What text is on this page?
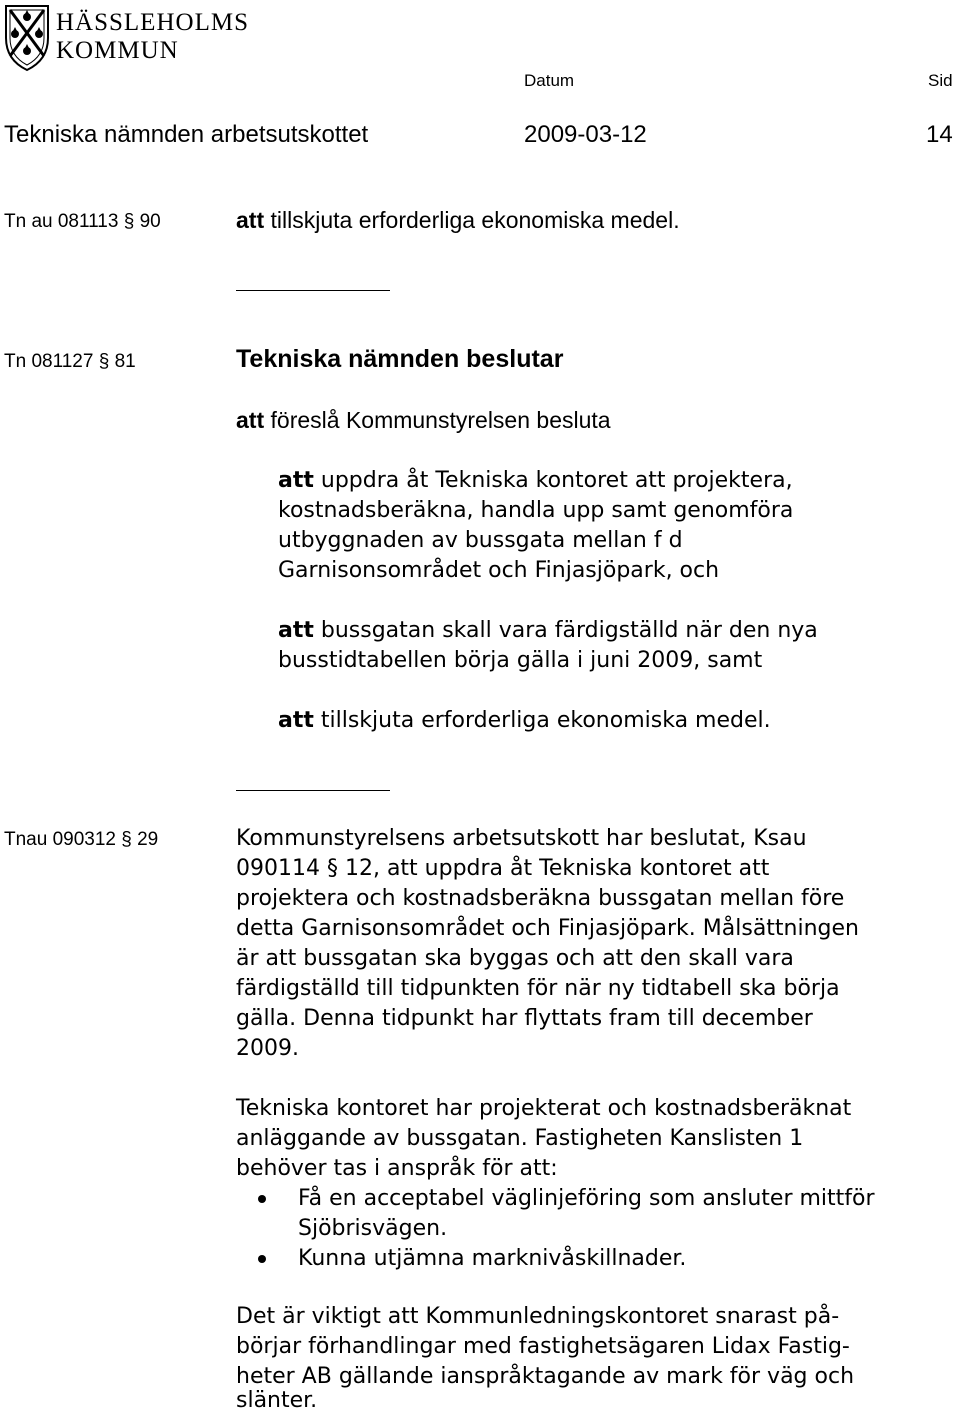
HÄSSLEHOLMS
KOMMUN
Datum	Sid
Tekniska nämnden arbetsutskottet	2009-03-12	14
Tn au 081113 § 90	att tillskjuta erforderliga ekonomiska medel.
Tn 081127 § 81	Tekniska nämnden beslutar
att föreslå Kommunstyrelsen besluta
att uppdra åt Tekniska kontoret att projektera,
kostnadsberäkna, handla upp samt genomföra
utbyggnaden av bussgata mellan f d
Garnisonsområdet och Finjasjöpark, och
att bussgatan skall vara färdigställd när den nya
busstidtabellen börja gälla i juni 2009, samt
att tillskjuta erforderliga ekonomiska medel.
Tnau 090312 § 29	Kommunstyrelsens arbetsutskott har beslutat, Ksau
090114 § 12, att uppdra åt Tekniska kontoret att
projektera och kostnadsberäkna bussgatan mellan före
detta Garnisonsområdet och Finjasjöpark. Målsättningen
är att bussgatan ska byggas och att den skall vara
färdigställd till tidpunkten för när ny tidtabell ska börja
gälla. Denna tidpunkt har flyttats fram till december
2009.
Tekniska kontoret har projekterat och kostnadsberäknat
anläggande av bussgatan. Fastigheten Kanslisten 1
behöver tas i anspråk för att:
Få en acceptabel väglinjeföring som ansluter mittför
Sjöbrisvägen.
Kunna utjämna marknivåskillnader.
Det är viktigt att Kommunledningskontoret snarast på-
börjar förhandlingar med fastighetsägaren Lidax Fastig-
heter AB gällande ianspråktagande av mark för väg och
slänter.
